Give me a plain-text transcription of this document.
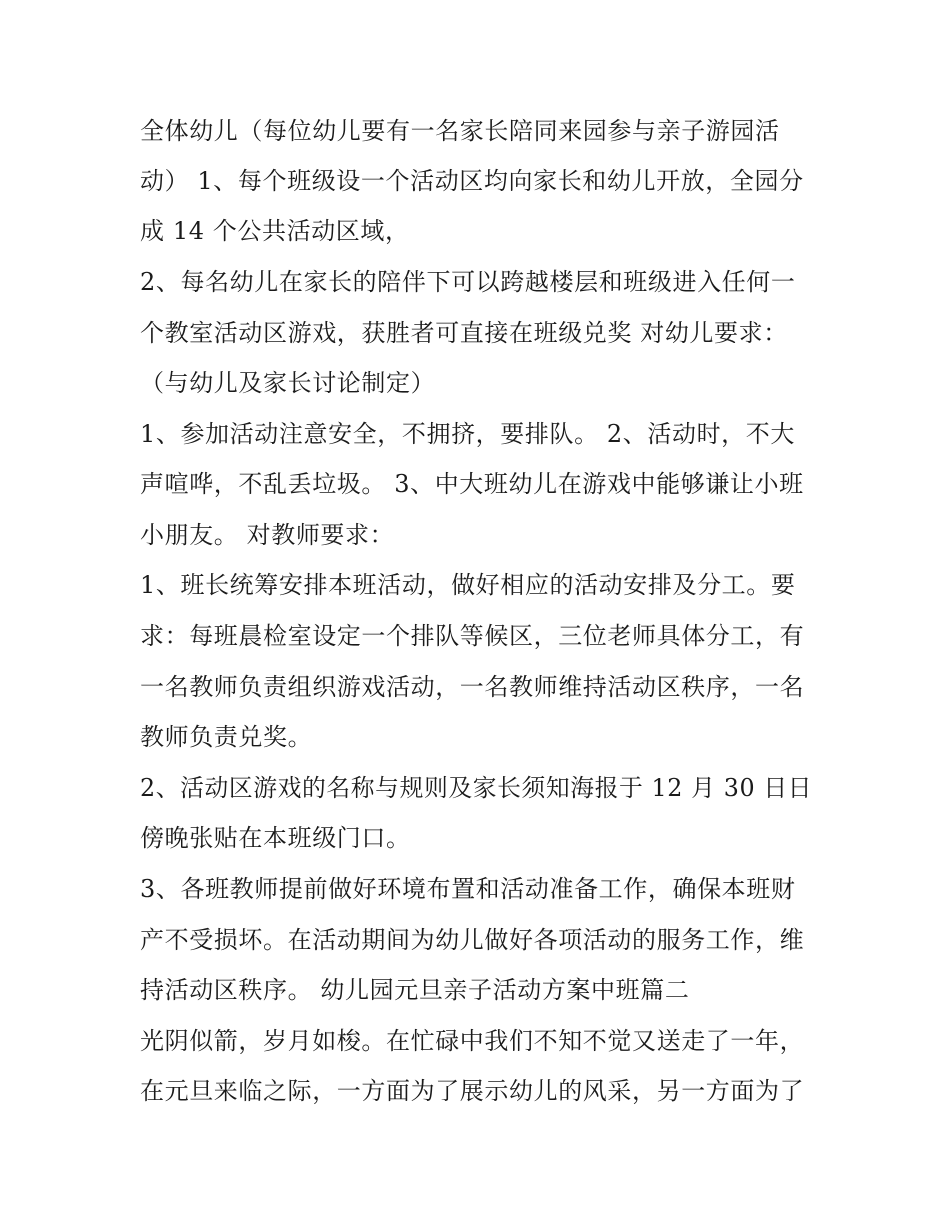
全体幼儿（每位幼儿要有一名家长陪同来园参与亲子游园活
动） 1、每个班级设一个活动区均向家长和幼儿开放，全园分
成 14 个公共活动区域，
2、每名幼儿在家长的陪伴下可以跨越楼层和班级进入任何一
个教室活动区游戏，获胜者可直接在班级兑奖 对幼儿要求：
（与幼儿及家长讨论制定）
1、参加活动注意安全，不拥挤，要排队。 2、活动时，不大
声喧哗，不乱丢垃圾。 3、中大班幼儿在游戏中能够谦让小班
小朋友。 对教师要求：
1、班长统筹安排本班活动，做好相应的活动安排及分工。要
求：每班晨检室设定一个排队等候区，三位老师具体分工，有
一名教师负责组织游戏活动，一名教师维持活动区秩序，一名
教师负责兑奖。
2、活动区游戏的名称与规则及家长须知海报于 12 月 30 日日
傍晚张贴在本班级门口。
3、各班教师提前做好环境布置和活动准备工作，确保本班财
产不受损坏。在活动期间为幼儿做好各项活动的服务工作，维
持活动区秩序。 幼儿园元旦亲子活动方案中班篇二
光阴似箭，岁月如梭。在忙碌中我们不知不觉又送走了一年，
在元旦来临之际，一方面为了展示幼儿的风采，另一方面为了
